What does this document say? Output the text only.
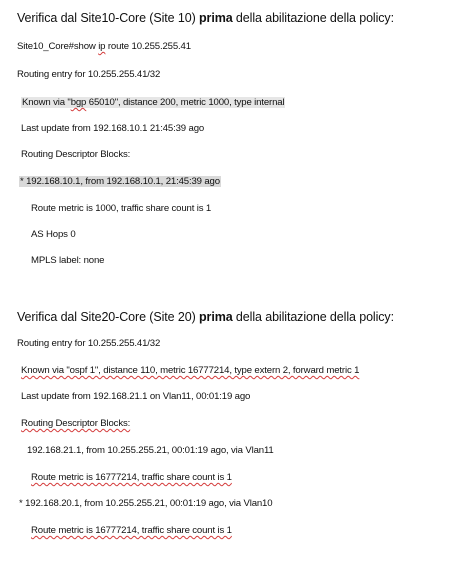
Verifica dal Site10-Core (Site 10) prima della abilitazione della policy:
Site10_Core#show ip route 10.255.255.41
Routing entry for 10.255.255.41/32
Known via "bgp 65010", distance 200, metric 1000, type internal
Last update from 192.168.10.1 21:45:39 ago
Routing Descriptor Blocks:
* 192.168.10.1, from 192.168.10.1, 21:45:39 ago
Route metric is 1000, traffic share count is 1
AS Hops 0
MPLS label: none
Verifica dal Site20-Core (Site 20) prima della abilitazione della policy:
Routing entry for 10.255.255.41/32
Known via "ospf 1", distance 110, metric 16777214, type extern 2, forward metric 1
Last update from 192.168.21.1 on Vlan11, 00:01:19 ago
Routing Descriptor Blocks:
192.168.21.1, from 10.255.255.21, 00:01:19 ago, via Vlan11
Route metric is 16777214, traffic share count is 1
* 192.168.20.1, from 10.255.255.21, 00:01:19 ago, via Vlan10
Route metric is 16777214, traffic share count is 1
